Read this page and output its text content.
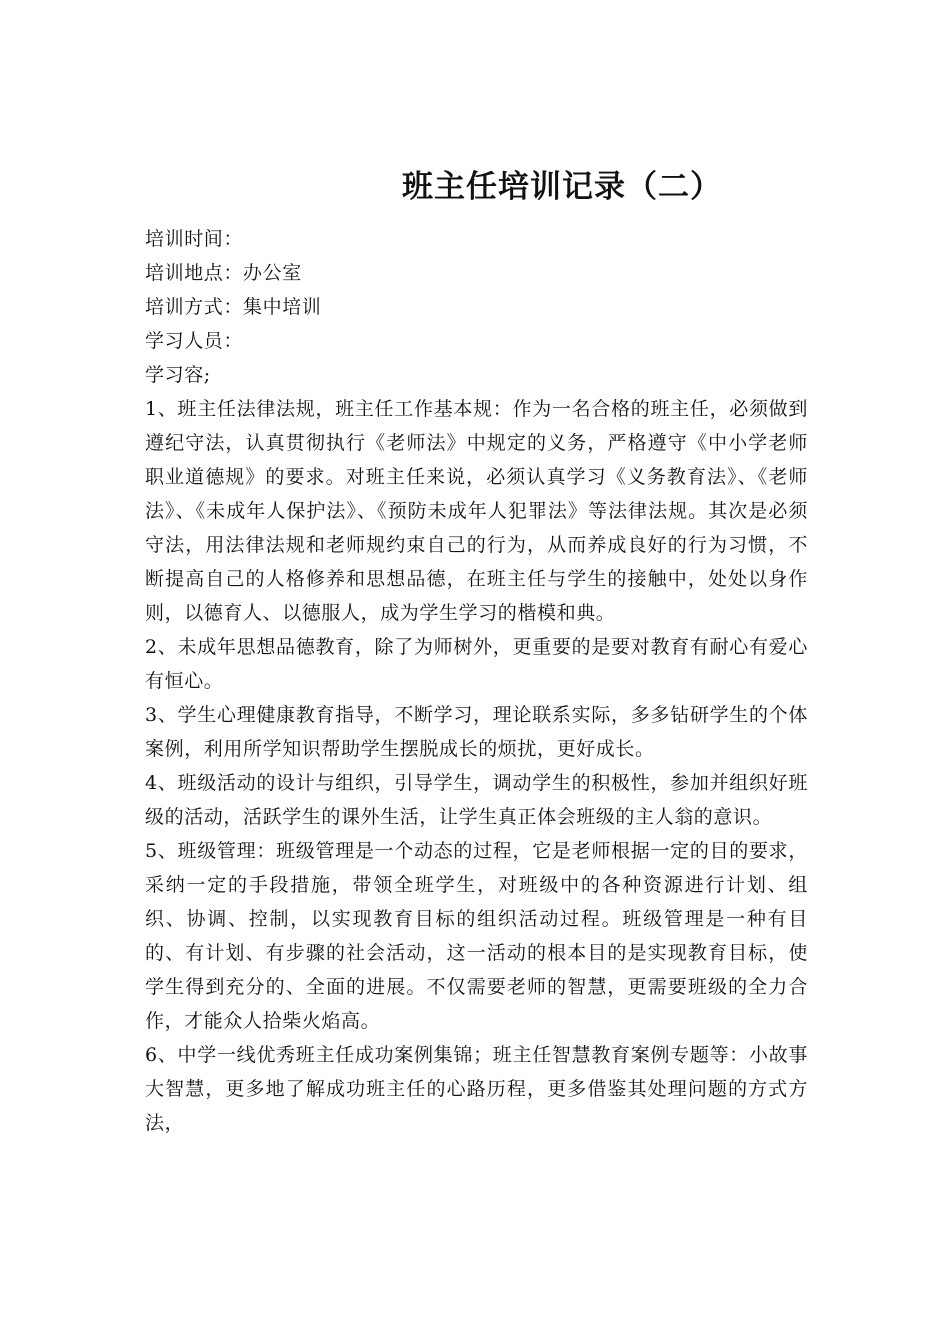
班主任培训记录（二）

培训时间：

培训地点：办公室

培训方式：集中培训

学习人员：

学习容;

1、班主任法律法规，班主任工作基本规：作为一名合格的班主任，必须做到遵纪守法，认真贯彻执行《老师法》中规定的义务，严格遵守《中小学老师职业道德规》的要求。对班主任来说，必须认真学习《义务教育法》、《老师法》、《未成年人保护法》、《预防未成年人犯罪法》等法律法规。其次是必须守法，用法律法规和老师规约束自己的行为，从而养成良好的行为习惯，不断提高自己的人格修养和思想品德，在班主任与学生的接触中，处处以身作则，以德育人、以德服人，成为学生学习的楷模和典。

2、未成年思想品德教育，除了为师树外，更重要的是要对教育有耐心有爱心有恒心。

3、学生心理健康教育指导，不断学习，理论联系实际，多多钻研学生的个体案例，利用所学知识帮助学生摆脱成长的烦扰，更好成长。

4、班级活动的设计与组织，引导学生，调动学生的积极性，参加并组织好班级的活动，活跃学生的课外生活，让学生真正体会班级的主人翁的意识。

5、班级管理：班级管理是一个动态的过程，它是老师根据一定的目的要求，采纳一定的手段措施，带领全班学生，对班级中的各种资源进行计划、组织、协调、控制，以实现教育目标的组织活动过程。班级管理是一种有目的、有计划、有步骤的社会活动，这一活动的根本目的是实现教育目标，使学生得到充分的、全面的进展。不仅需要老师的智慧，更需要班级的全力合作，才能众人拾柴火焰高。

6、中学一线优秀班主任成功案例集锦；班主任智慧教育案例专题等：小故事大智慧，更多地了解成功班主任的心路历程，更多借鉴其处理问题的方式方法，
